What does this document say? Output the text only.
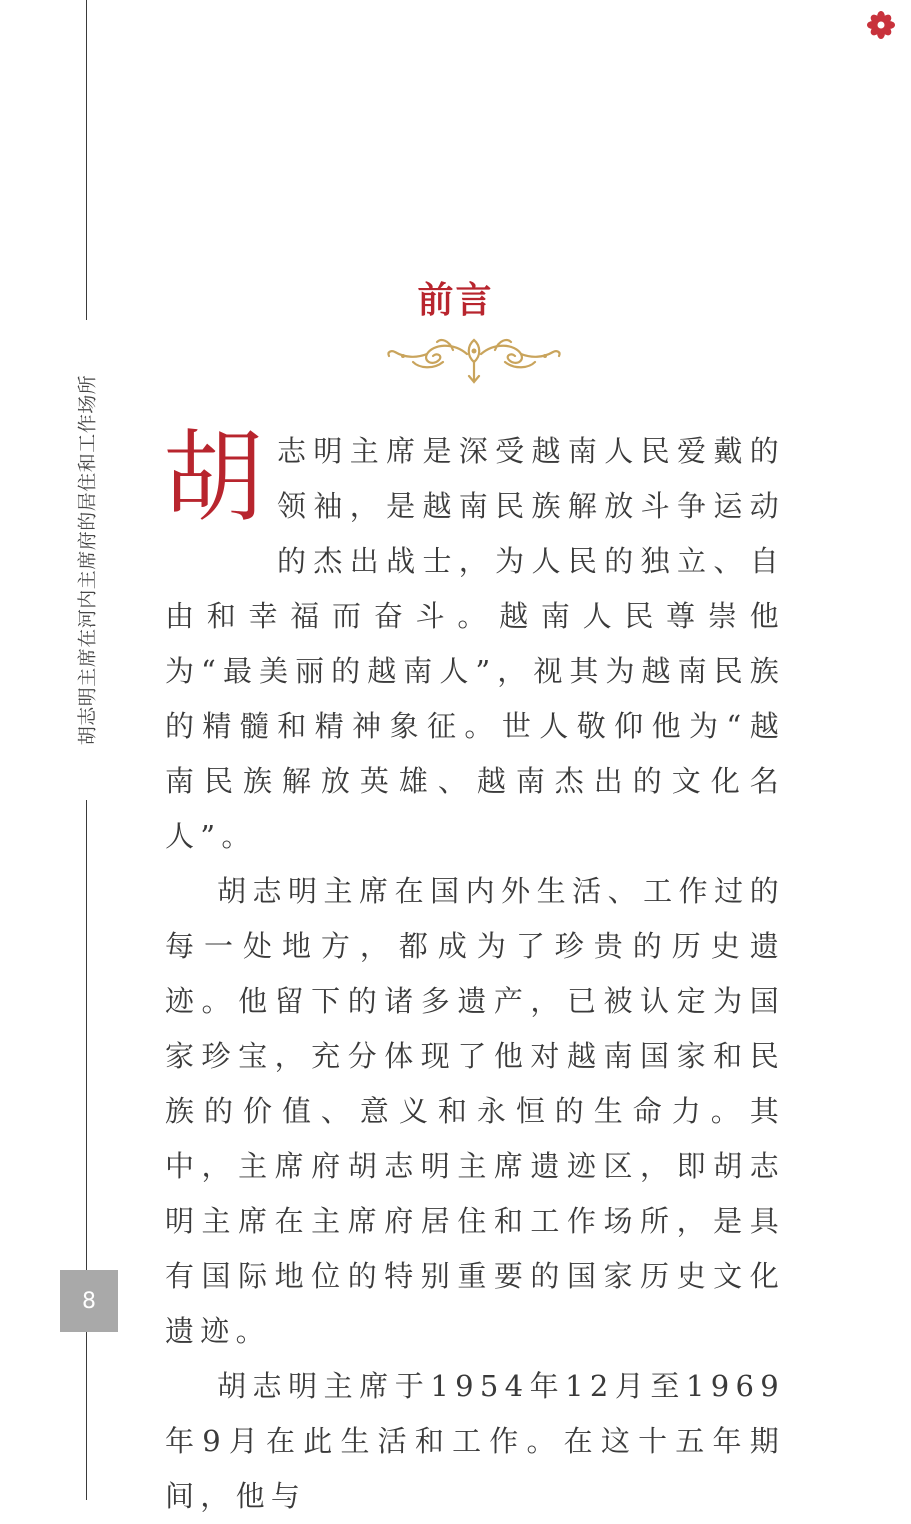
胡志明主席在河内主席府的居住和工作场所
8
前言

胡志明主席是深受越南人民爱戴的领袖，是越南民族解放斗争运动的杰出战士，为人民的独立、自由和幸福而奋斗。越南人民尊崇他为“最美丽的越南人”，视其为越南民族的精髓和精神象征。世人敬仰他为“越南民族解放英雄、越南杰出的文化名人”。

胡志明主席在国内外生活、工作过的每一处地方，都成为了珍贵的历史遗迹。他留下的诸多遗产，已被认定为国家珍宝，充分体现了他对越南国家和民族的价值、意义和永恒的生命力。其中，主席府胡志明主席遗迹区，即胡志明主席在主席府居住和工作场所，是具有国际地位的特别重要的国家历史文化遗迹。

胡志明主席于1954年12月至1969年9月在此生活和工作。在这十五年期间，他与
